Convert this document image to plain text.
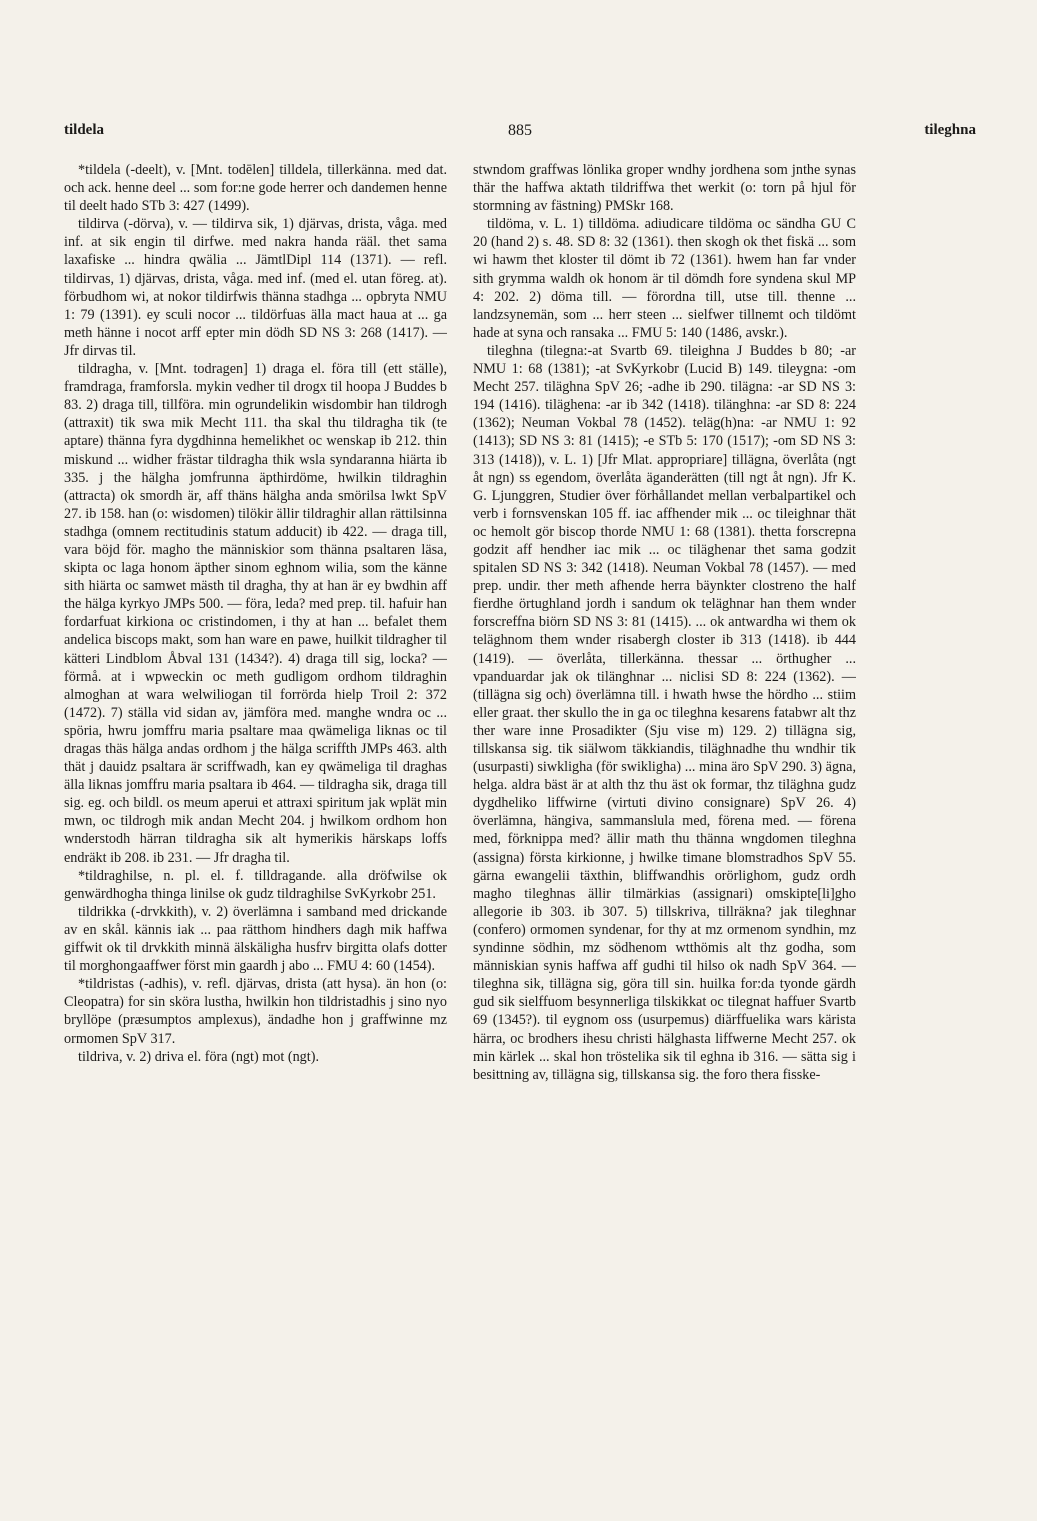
tildela	885	tileghna

*tildela (-deelt), v. [Mnt. todēlen] tilldela, tillerkänna. med dat. och ack. henne deel ... som for:ne gode herrer och dandemen henne til deelt hado STb 3: 427 (1499).

tildirva (-dörva), v. — tildirva sik, 1) djärvas, drista, våga. med inf. at sik engin til dirfwe. med nakra handa rääl. thet sama laxafiske ... hindra qwälia ... JämtlDipl 114 (1371). — refl. tildirvas, 1) djärvas, drista, våga. med inf. (med el. utan föreg. at). förbudhom wi, at nokor tildirfwis thänna stadhga ... opbryta NMU 1: 79 (1391). ey sculi nocor ... tildörfuas älla mact haua at ... ga meth hänne i nocot arff epter min dödh SD NS 3: 268 (1417). — Jfr dirvas til.

tildragha, v. [Mnt. todragen] 1) draga el. föra till (ett ställe), framdraga, framforsla. mykin vedher til drogx til hoopa J Buddes b 83. 2) draga till, tillföra. min ogrundelikin wisdombir han tildrogh (attraxit) tik swa mik Mecht 111. tha skal thu tildragha tik (te aptare) thänna fyra dygdhinna hemelikhet oc wenskap ib 212. thin miskund ... widher frästar tildragha thik wsla syndaranna hiärta ib 335. j the hälgha jomfrunna äpthirdöme, hwilkin tildraghin (attracta) ok smordh är, aff thäns hälgha anda smörilsa lwkt SpV 27. ib 158. han (o: wisdomen) tilökir ällir tildraghir allan rättilsinna stadhga (omnem rectitudinis statum adducit) ib 422. — draga till, vara böjd för. magho the människior som thänna psaltaren läsa, skipta oc laga honom äpther sinom eghnom wilia, som the känne sith hiärta oc samwet mästh til dragha, thy at han är ey bwdhin aff the hälga kyrkyo JMPs 500. — föra, leda? med prep. til. hafuir han fordarfuat kirkiona oc cristindomen, i thy at han ... befalet them andelica biscops makt, som han ware en pawe, huilkit tildragher til kätteri Lindblom Åbval 131 (1434?). 4) draga till sig, locka? — förmå. at i wpweckin oc meth gudligom ordhom tildraghin almoghan at wara welwiliogan til forrörda hielp Troil 2: 372 (1472). 7) ställa vid sidan av, jämföra med. manghe wndra oc ... spöria, hwru jomffru maria psaltare maa qwämeliga liknas oc til dragas thäs hälga andas ordhom j the hälga scriffth JMPs 463. alth thät j dauidz psaltara är scriffwadh, kan ey qwämeliga til draghas älla liknas jomffru maria psaltara ib 464. — tildragha sik, draga till sig. eg. och bildl. os meum aperui et attraxi spiritum jak wplät min mwn, oc tildrogh mik andan Mecht 204. j hwilkom ordhom hon wnderstodh härran tildragha sik alt hymerikis härskaps loffs endräkt ib 208. ib 231. — Jfr dragha til.

*tildraghilse, n. pl. el. f. tilldragande. alla dröfwilse ok genwärdhogha thinga linilse ok gudz tildraghilse SvKyrkobr 251.

tildrikka (-drvkkith), v. 2) överlämna i samband med drickande av en skål. kännis iak ... paa rätthom hindhers dagh mik haffwa giffwit ok til drvkkith minnä älskäligha husfrv birgitta olafs dotter til morghongaaffwer först min gaardh j abo ... FMU 4: 60 (1454).

*tildristas (-adhis), v. refl. djärvas, drista (att hysa). än hon (o: Cleopatra) for sin sköra lustha, hwilkin hon tildristadhis j sino nyo bryllöpe (præsumptos amplexus), ändadhe hon j graffwinne mz ormomen SpV 317.

tildriva, v. 2) driva el. föra (ngt) mot (ngt).

stwndom graffwas lönlika groper wndhy jordhena som jnthe synas thär the haffwa aktath tildriffwa thet werkit (o: torn på hjul för stormning av fästning) PMSkr 168.

tildöma, v. L. 1) tilldöma. adiudicare tildöma oc sändha GU C 20 (hand 2) s. 48. SD 8: 32 (1361). then skogh ok thet fiskä ... som wi hawm thet kloster til dömt ib 72 (1361). hwem han far vnder sith grymma waldh ok honom är til dömdh fore syndena skul MP 4: 202. 2) döma till. — förordna till, utse till. thenne ... landzsynemän, som ... herr steen ... sielfwer tillnemt och tildömt hade at syna och ransaka ... FMU 5: 140 (1486, avskr.).

tileghna (tilegna:-at Svartb 69. tileighna J Buddes b 80; -ar NMU 1: 68 (1381); -at SvKyrkobr (Lucid B) 149. tileygna: -om Mecht 257. tiläghna SpV 26; -adhe ib 290. tilägna: -ar SD NS 3: 194 (1416). tiläghena: -ar ib 342 (1418). tilänghna: -ar SD 8: 224 (1362); Neuman Vokbal 78 (1452). teläg(h)na: -ar NMU 1: 92 (1413); SD NS 3: 81 (1415); -e STb 5: 170 (1517); -om SD NS 3: 313 (1418)), v. L. 1) [Jfr Mlat. appropriare] tillägna, överlåta (ngt åt ngn) ss egendom, överlåta äganderätten (till ngt åt ngn). Jfr K. G. Ljunggren, Studier över förhållandet mellan verbalpartikel och verb i fornsvenskan 105 ff. iac affhender mik ... oc tileighnar thät oc hemolt gör biscop thorde NMU 1: 68 (1381). thetta forscrepna godzit aff hendher iac mik ... oc tiläghenar thet sama godzit spitalen SD NS 3: 342 (1418). Neuman Vokbal 78 (1457). — med prep. undir. ther meth afhende herra bäynkter clostreno the half fierdhe örtughland jordh i sandum ok teläghnar han them wnder forscreffna biörn SD NS 3: 81 (1415). ... ok antwardha wi them ok teläghnom them wnder risabergh closter ib 313 (1418). ib 444 (1419). — överlåta, tillerkänna. thessar ... örthugher ... vpanduardar jak ok tilänghnar ... niclisi SD 8: 224 (1362). — (tillägna sig och) överlämna till. i hwath hwse the hördho ... stiim eller graat. ther skullo the in ga oc tileghna kesarens fatabwr alt thz ther ware inne Prosadikter (Sju vise m) 129. 2) tillägna sig, tillskansa sig. tik siälwom täkkiandis, tiläghnadhe thu wndhir tik (usurpasti) siwkligha (för swikligha) ... mina äro SpV 290. 3) ägna, helga. aldra bäst är at alth thz thu äst ok formar, thz tiläghna gudz dygdheliko liffwirne (virtuti divino consignare) SpV 26. 4) överlämna, hängiva, sammanslula med, förena med. — förena med, förknippa med? ällir math thu thänna wngdomen tileghna (assigna) första kirkionne, j hwilke timane blomstradhos SpV 55. gärna ewangelii täxthin, bliffwandhis orörlighom, gudz ordh magho tileghnas ällir tilmärkias (assignari) omskipte[li]gho allegorie ib 303. ib 307. 5) tillskriva, tillräkna? jak tileghnar (confero) ormomen syndenar, for thy at mz ormenom syndhin, mz syndinne södhin, mz södhenom wtthömis alt thz godha, som människian synis haffwa aff gudhi til hilso ok nadh SpV 364. — tileghna sik, tillägna sig, göra till sin. huilka for:da tyonde gärdh gud sik sielffuom besynnerliga tilskikkat oc tilegnat haffuer Svartb 69 (1345?). til eygnom oss (usurpemus) diärffuelika wars kärista härra, oc brodhers ihesu christi hälghasta liffwerne Mecht 257. ok min kärlek ... skal hon tröstelika sik til eghna ib 316. — sätta sig i besittning av, tillägna sig, tillskansa sig. the foro thera fisske-
